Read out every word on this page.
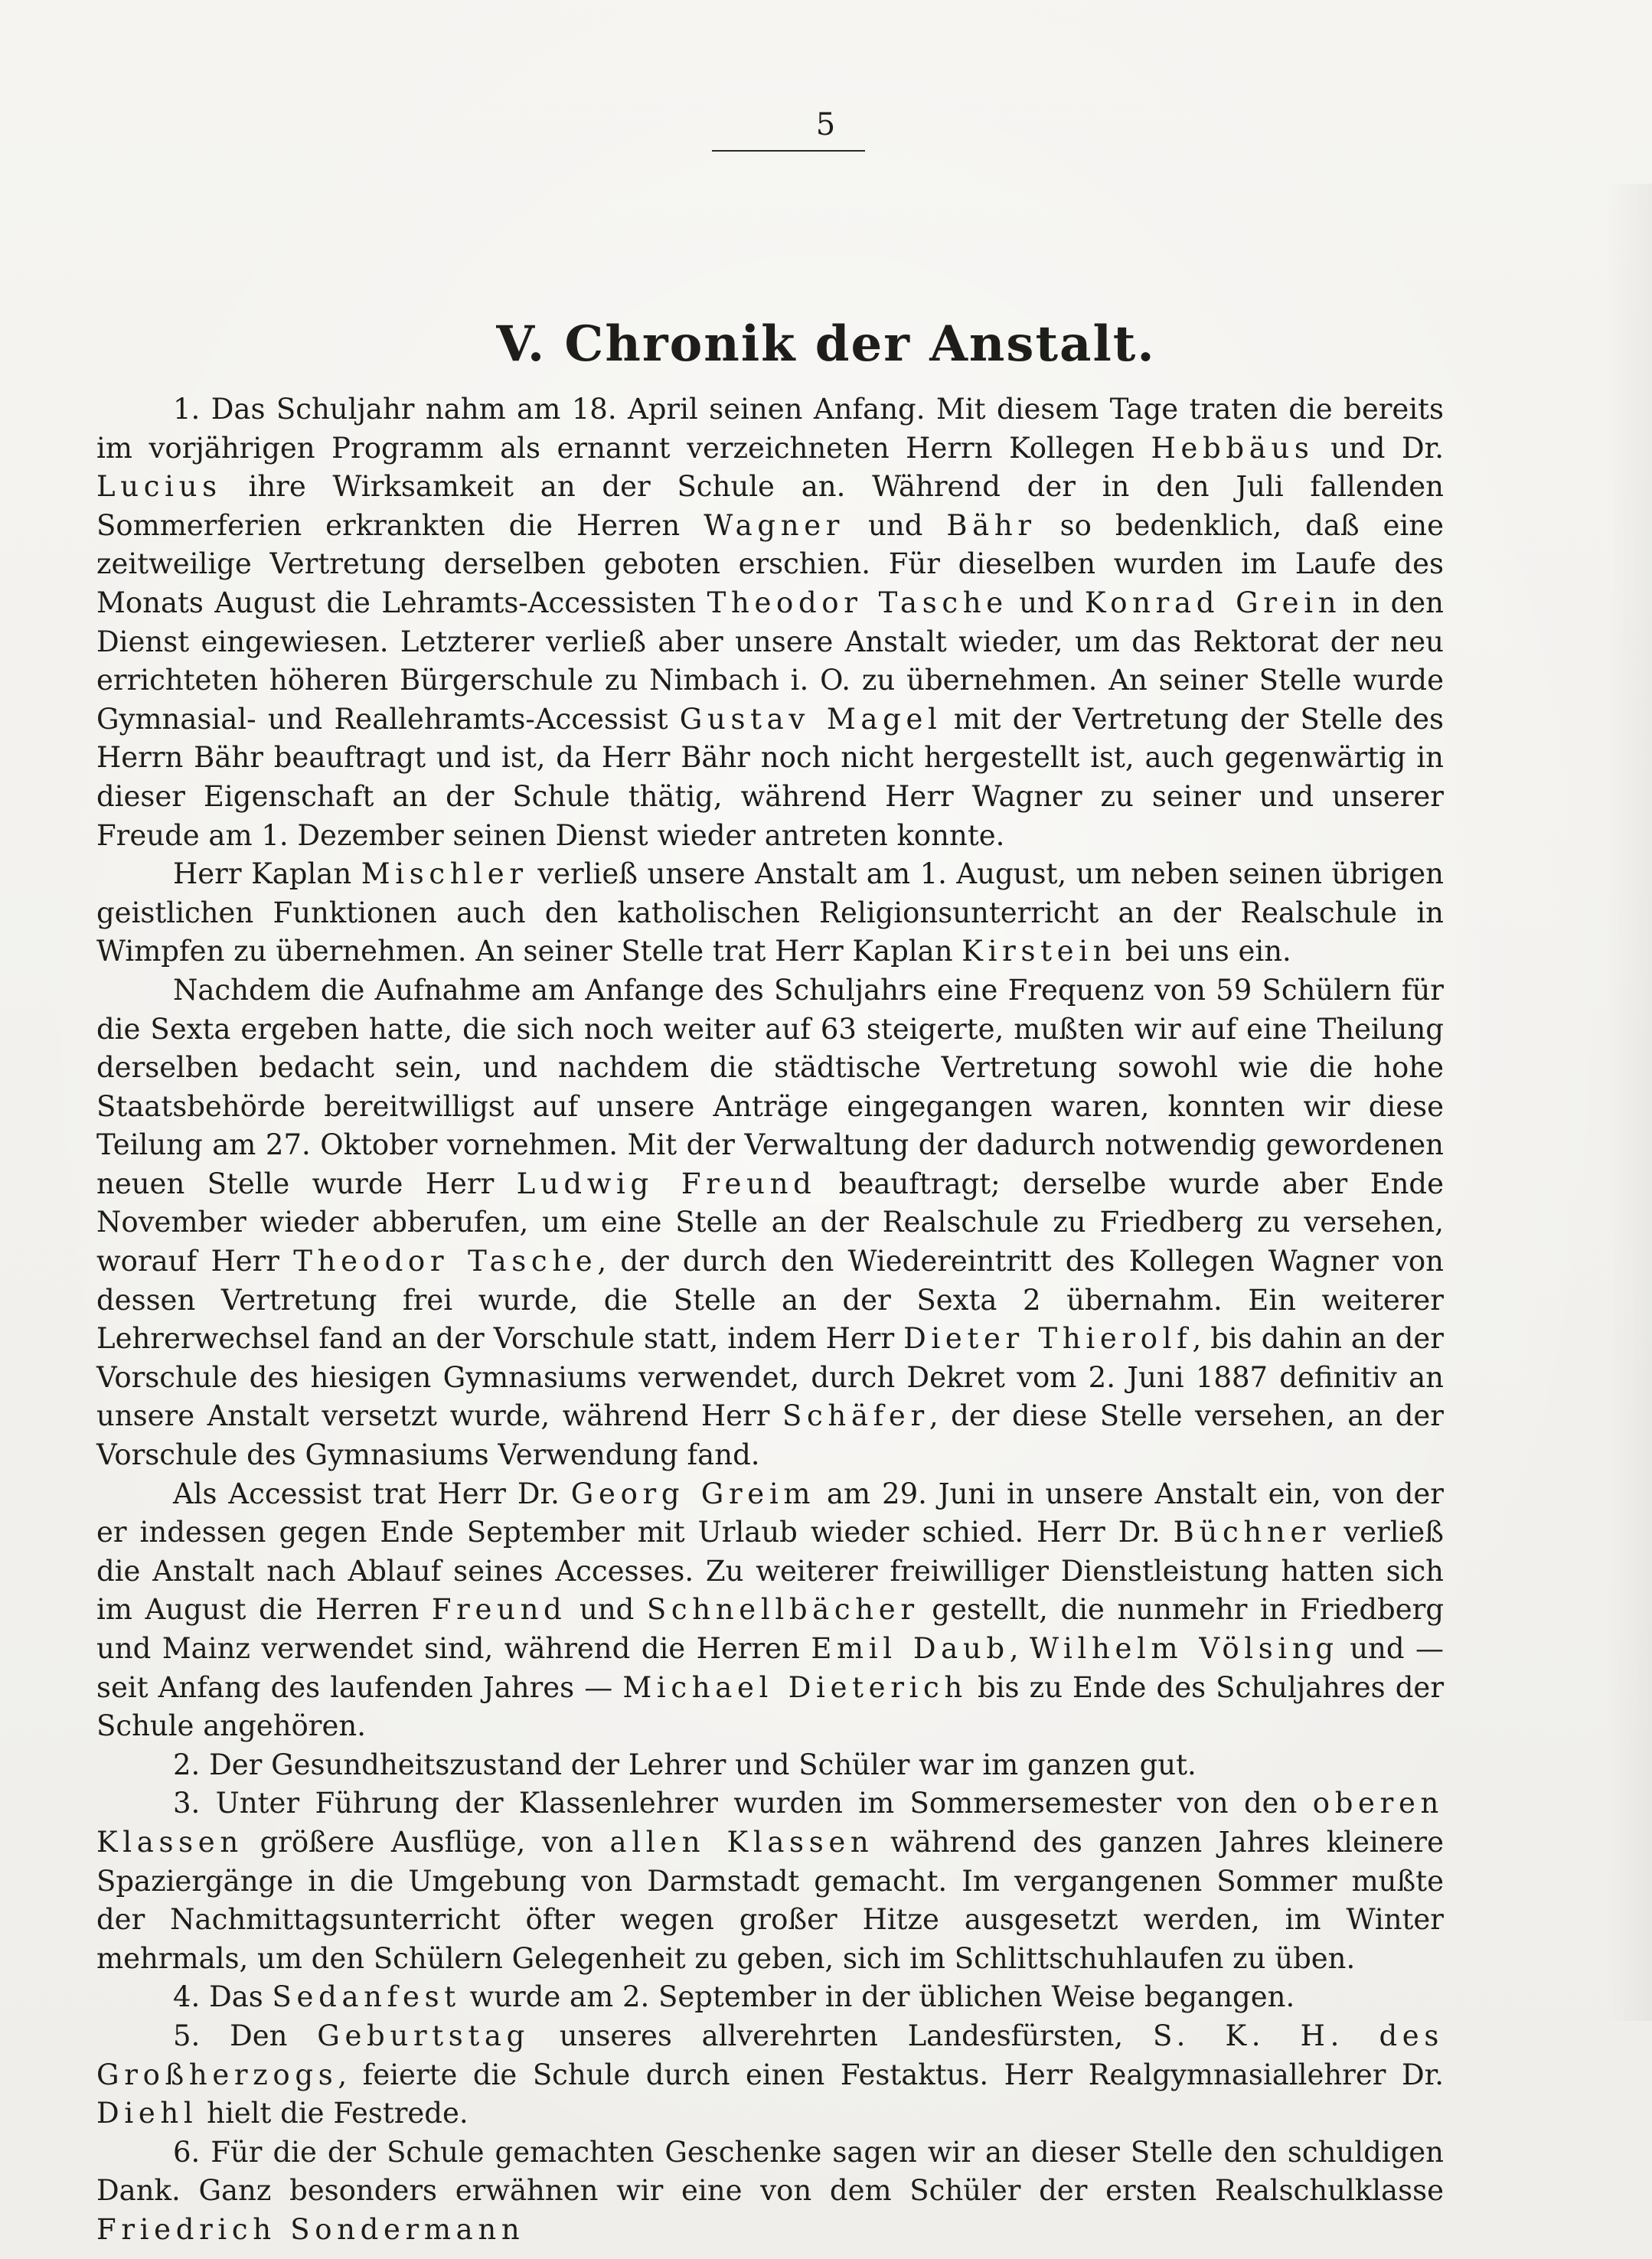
5
V. Chronik der Anstalt.

1. Das Schuljahr nahm am 18. April seinen Anfang. Mit diesem Tage traten die bereits im vorjährigen Programm als ernannt verzeichneten Herrn Kollegen Hebbäus und Dr. Lucius ihre Wirksamkeit an der Schule an. Während der in den Juli fallenden Sommerferien erkrankten die Herren Wagner und Bähr so bedenklich, daß eine zeitweilige Vertretung derselben geboten erschien. Für dieselben wurden im Laufe des Monats August die Lehramts-Accessisten Theodor Tasche und Konrad Grein in den Dienst eingewiesen. Letzterer verließ aber unsere Anstalt wieder, um das Rektorat der neu errichteten höheren Bürgerschule zu Nimbach i. O. zu übernehmen. An seiner Stelle wurde Gymnasial- und Reallehramts-Accessist Gustav Magel mit der Vertretung der Stelle des Herrn Bähr beauftragt und ist, da Herr Bähr noch nicht hergestellt ist, auch gegenwärtig in dieser Eigenschaft an der Schule thätig, während Herr Wagner zu seiner und unserer Freude am 1. Dezember seinen Dienst wieder antreten konnte.

Herr Kaplan Mischler verließ unsere Anstalt am 1. August, um neben seinen übrigen geistlichen Funktionen auch den katholischen Religionsunterricht an der Realschule in Wimpfen zu übernehmen. An seiner Stelle trat Herr Kaplan Kirstein bei uns ein.

Nachdem die Aufnahme am Anfange des Schuljahrs eine Frequenz von 59 Schülern für die Sexta ergeben hatte, die sich noch weiter auf 63 steigerte, mußten wir auf eine Theilung derselben bedacht sein, und nachdem die städtische Vertretung sowohl wie die hohe Staatsbehörde bereitwilligst auf unsere Anträge eingegangen waren, konnten wir diese Teilung am 27. Oktober vornehmen. Mit der Verwaltung der dadurch notwendig gewordenen neuen Stelle wurde Herr Ludwig Freund beauftragt; derselbe wurde aber Ende November wieder abberufen, um eine Stelle an der Realschule zu Friedberg zu versehen, worauf Herr Theodor Tasche, der durch den Wiedereintritt des Kollegen Wagner von dessen Vertretung frei wurde, die Stelle an der Sexta 2 übernahm. Ein weiterer Lehrerwechsel fand an der Vorschule statt, indem Herr Dieter Thierolf, bis dahin an der Vorschule des hiesigen Gymnasiums verwendet, durch Dekret vom 2. Juni 1887 definitiv an unsere Anstalt versetzt wurde, während Herr Schäfer, der diese Stelle versehen, an der Vorschule des Gymnasiums Verwendung fand.

Als Accessist trat Herr Dr. Georg Greim am 29. Juni in unsere Anstalt ein, von der er indessen gegen Ende September mit Urlaub wieder schied. Herr Dr. Büchner verließ die Anstalt nach Ablauf seines Accesses. Zu weiterer freiwilliger Dienstleistung hatten sich im August die Herren Freund und Schnellbächer gestellt, die nunmehr in Friedberg und Mainz verwendet sind, während die Herren Emil Daub, Wilhelm Völsing und — seit Anfang des laufenden Jahres — Michael Dieterich bis zu Ende des Schuljahres der Schule angehören.

2. Der Gesundheitszustand der Lehrer und Schüler war im ganzen gut.

3. Unter Führung der Klassenlehrer wurden im Sommersemester von den oberen Klassen größere Ausflüge, von allen Klassen während des ganzen Jahres kleinere Spaziergänge in die Umgebung von Darmstadt gemacht. Im vergangenen Sommer mußte der Nachmittagsunterricht öfter wegen großer Hitze ausgesetzt werden, im Winter mehrmals, um den Schülern Gelegenheit zu geben, sich im Schlittschuhlaufen zu üben.

4. Das Sedanfest wurde am 2. September in der üblichen Weise begangen.

5. Den Geburtstag unseres allverehrten Landesfürsten, S. K. H. des Großherzogs, feierte die Schule durch einen Festaktus. Herr Realgymnasiallehrer Dr. Diehl hielt die Festrede.

6. Für die der Schule gemachten Geschenke sagen wir an dieser Stelle den schuldigen Dank. Ganz besonders erwähnen wir eine von dem Schüler der ersten Realschulklasse Friedrich Sondermann
